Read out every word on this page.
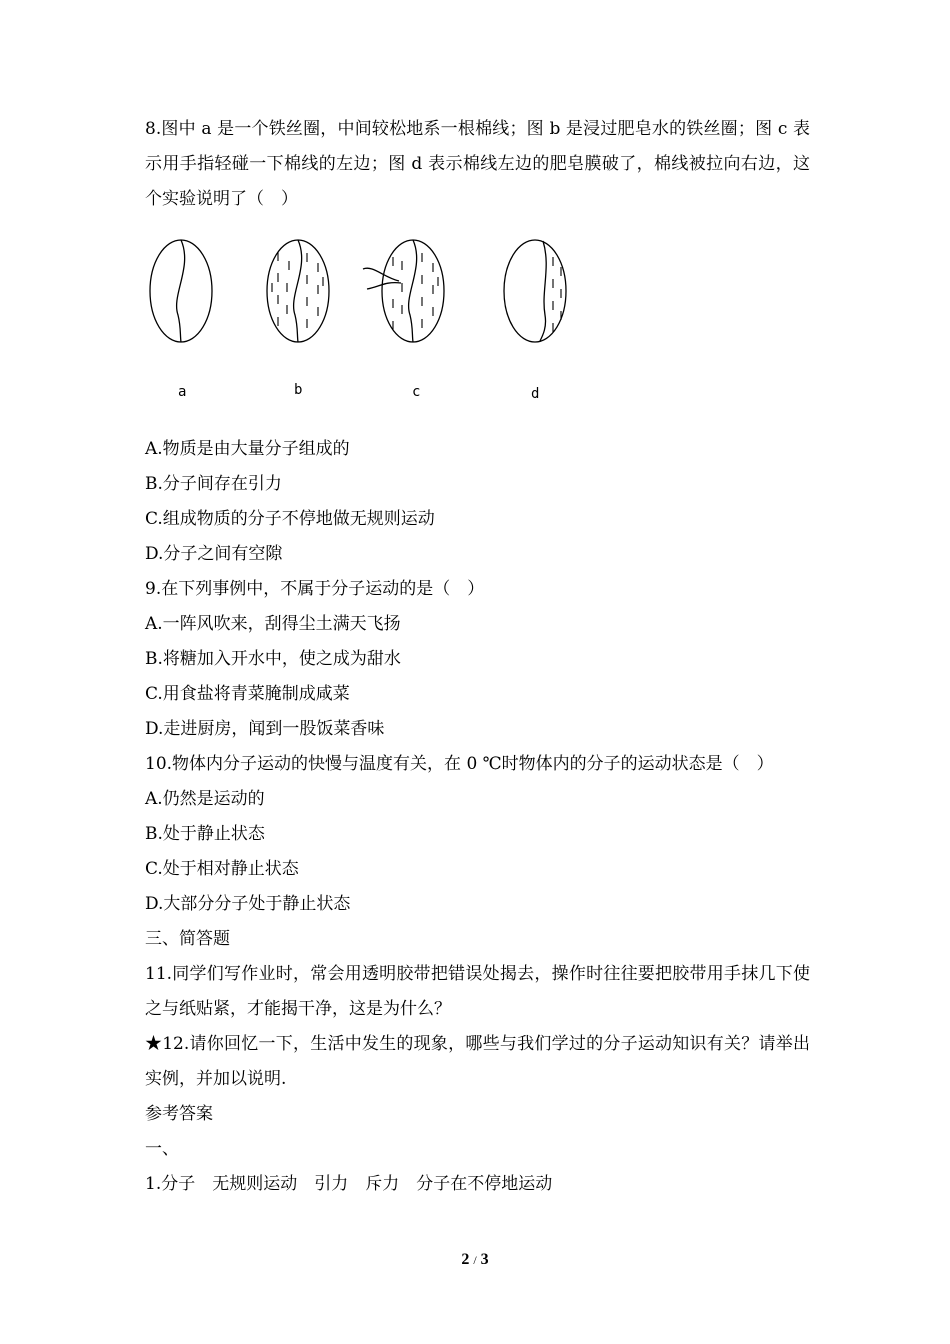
8.图中 a 是一个铁丝圈，中间较松地系一根棉线；图 b 是浸过肥皂水的铁丝圈；图 c 表示用手指轻碰一下棉线的左边；图 d 表示棉线左边的肥皂膜破了，棉线被拉向右边，这个实验说明了（　）

a	b	c	d

A.物质是由大量分子组成的

B.分子间存在引力

C.组成物质的分子不停地做无规则运动

D.分子之间有空隙

9.在下列事例中，不属于分子运动的是（　）

A.一阵风吹来，刮得尘土满天飞扬

B.将糖加入开水中，使之成为甜水

C.用食盐将青菜腌制成咸菜

D.走进厨房，闻到一股饭菜香味

10.物体内分子运动的快慢与温度有关，在 0 ℃时物体内的分子的运动状态是（　）

A.仍然是运动的

B.处于静止状态

C.处于相对静止状态

D.大部分分子处于静止状态

三、简答题

11.同学们写作业时，常会用透明胶带把错误处揭去，操作时往往要把胶带用手抹几下使之与纸贴紧，才能揭干净，这是为什么？

★12.请你回忆一下，生活中发生的现象，哪些与我们学过的分子运动知识有关？请举出实例，并加以说明.

参考答案

一、

1.分子　无规则运动　引力　斥力　分子在不停地运动

2 / 3
